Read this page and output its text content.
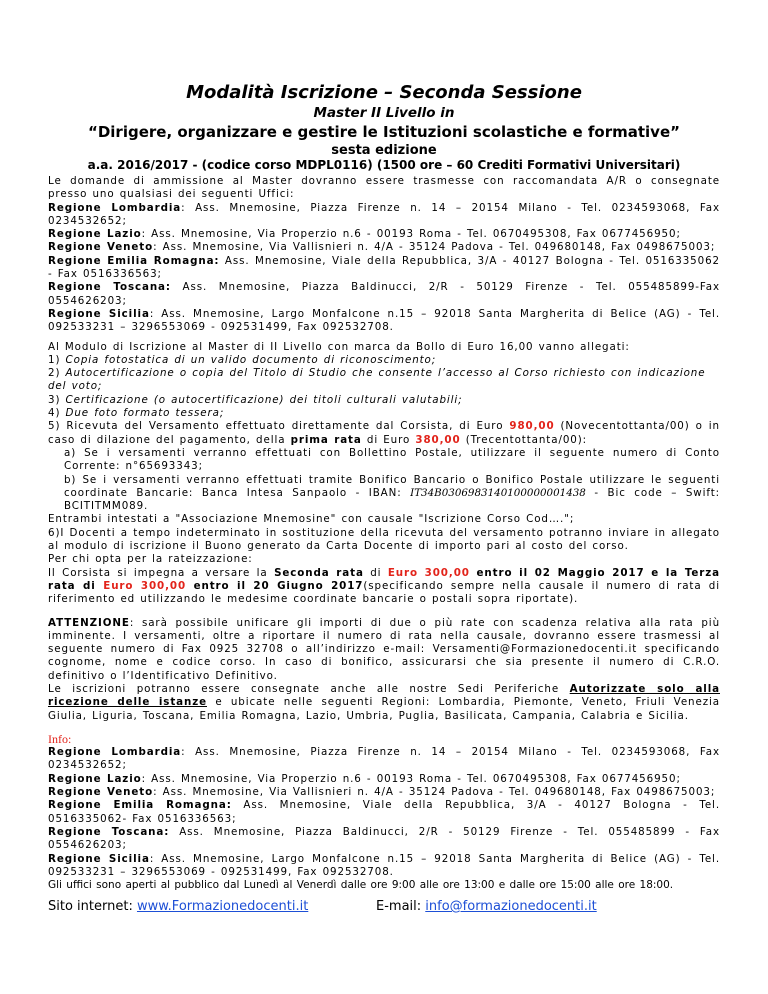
Modalità Iscrizione – Seconda Sessione
Master II Livello in
“Dirigere, organizzare e gestire le Istituzioni scolastiche e formative”
sesta edizione
a.a. 2016/2017 - (codice corso MDPL0116) (1500 ore – 60 Crediti Formativi Universitari)

Le domande di ammissione al Master dovranno essere trasmesse con raccomandata A/R o consegnate presso uno qualsiasi dei seguenti Uffici:

Regione Lombardia: Ass. Mnemosine, Piazza Firenze n. 14 – 20154 Milano - Tel. 0234593068, Fax 0234532652;

Regione Lazio: Ass. Mnemosine, Via Properzio n.6 - 00193 Roma - Tel. 0670495308, Fax 0677456950;

Regione Veneto: Ass. Mnemosine, Via Vallisnieri n. 4/A - 35124 Padova - Tel. 049680148, Fax 0498675003;

Regione Emilia Romagna: Ass. Mnemosine, Viale della Repubblica, 3/A - 40127 Bologna - Tel. 0516335062 - Fax 0516336563;

Regione Toscana: Ass. Mnemosine, Piazza Baldinucci, 2/R - 50129 Firenze - Tel. 055485899-Fax 0554626203;

Regione Sicilia: Ass. Mnemosine, Largo Monfalcone n.15 – 92018 Santa Margherita di Belice (AG) - Tel. 092533231 – 3296553069 - 092531499, Fax 092532708.

Al Modulo di Iscrizione al Master di II Livello con marca da Bollo di Euro 16,00 vanno allegati:

1) Copia fotostatica di un valido documento di riconoscimento;

2) Autocertificazione o copia del Titolo di Studio che consente l’accesso al Corso richiesto con indicazione del voto;

3) Certificazione (o autocertificazione) dei titoli culturali valutabili;

4) Due foto formato tessera;

5) Ricevuta del Versamento effettuato direttamente dal Corsista, di Euro 980,00 (Novecentottanta/00) o in caso di dilazione del pagamento, della prima rata di Euro 380,00 (Trecentottanta/00):

a) Se i versamenti verranno effettuati con Bollettino Postale, utilizzare il seguente numero di Conto Corrente: n°65693343;

b) Se i versamenti verranno effettuati tramite Bonifico Bancario o Bonifico Postale utilizzare le seguenti coordinate Bancarie: Banca Intesa Sanpaolo - IBAN: IT34B0306983140100000001438 - Bic code – Swift: BCITITMM089.

Entrambi intestati a "Associazione Mnemosine" con causale "Iscrizione Corso Cod….";

6)I Docenti a tempo indeterminato in sostituzione della ricevuta del versamento potranno inviare in allegato al modulo di iscrizione il Buono generato da Carta Docente di importo pari al costo del corso.

Per chi opta per la rateizzazione:

Il Corsista si impegna a versare la Seconda rata di Euro 300,00 entro il 02 Maggio 2017 e la Terza rata di Euro 300,00 entro il 20 Giugno 2017(specificando sempre nella causale il numero di rata di riferimento ed utilizzando le medesime coordinate bancarie o postali sopra riportate).

ATTENZIONE: sarà possibile unificare gli importi di due o più rate con scadenza relativa alla rata più imminente. I versamenti, oltre a riportare il numero di rata nella causale, dovranno essere trasmessi al seguente numero di Fax 0925 32708 o all’indirizzo e-mail: Versamenti@Formazionedocenti.it specificando cognome, nome e codice corso. In caso di bonifico, assicurarsi che sia presente il numero di C.R.O. definitivo o l’Identificativo Definitivo.

Le iscrizioni potranno essere consegnate anche alle nostre Sedi Periferiche Autorizzate solo alla ricezione delle istanze e ubicate nelle seguenti Regioni: Lombardia, Piemonte, Veneto, Friuli Venezia Giulia, Liguria, Toscana, Emilia Romagna, Lazio, Umbria, Puglia, Basilicata, Campania, Calabria e Sicilia.

Info:

Regione Lombardia: Ass. Mnemosine, Piazza Firenze n. 14 – 20154 Milano - Tel. 0234593068, Fax 0234532652;

Regione Lazio: Ass. Mnemosine, Via Properzio n.6 - 00193 Roma - Tel. 0670495308, Fax 0677456950;

Regione Veneto: Ass. Mnemosine, Via Vallisnieri n. 4/A - 35124 Padova - Tel. 049680148, Fax 0498675003;

Regione Emilia Romagna: Ass. Mnemosine, Viale della Repubblica, 3/A - 40127 Bologna - Tel. 0516335062- Fax 0516336563;

Regione Toscana: Ass. Mnemosine, Piazza Baldinucci, 2/R - 50129 Firenze - Tel. 055485899 - Fax 0554626203;

Regione Sicilia: Ass. Mnemosine, Largo Monfalcone n.15 – 92018 Santa Margherita di Belice (AG) - Tel. 092533231 – 3296553069 - 092531499, Fax 092532708.

Gli uffici sono aperti al pubblico dal Lunedì al Venerdì dalle ore 9:00 alle ore 13:00 e dalle ore 15:00 alle ore 18:00.

Sito internet: www.Formazionedocenti.it	E-mail: info@formazionedocenti.it
